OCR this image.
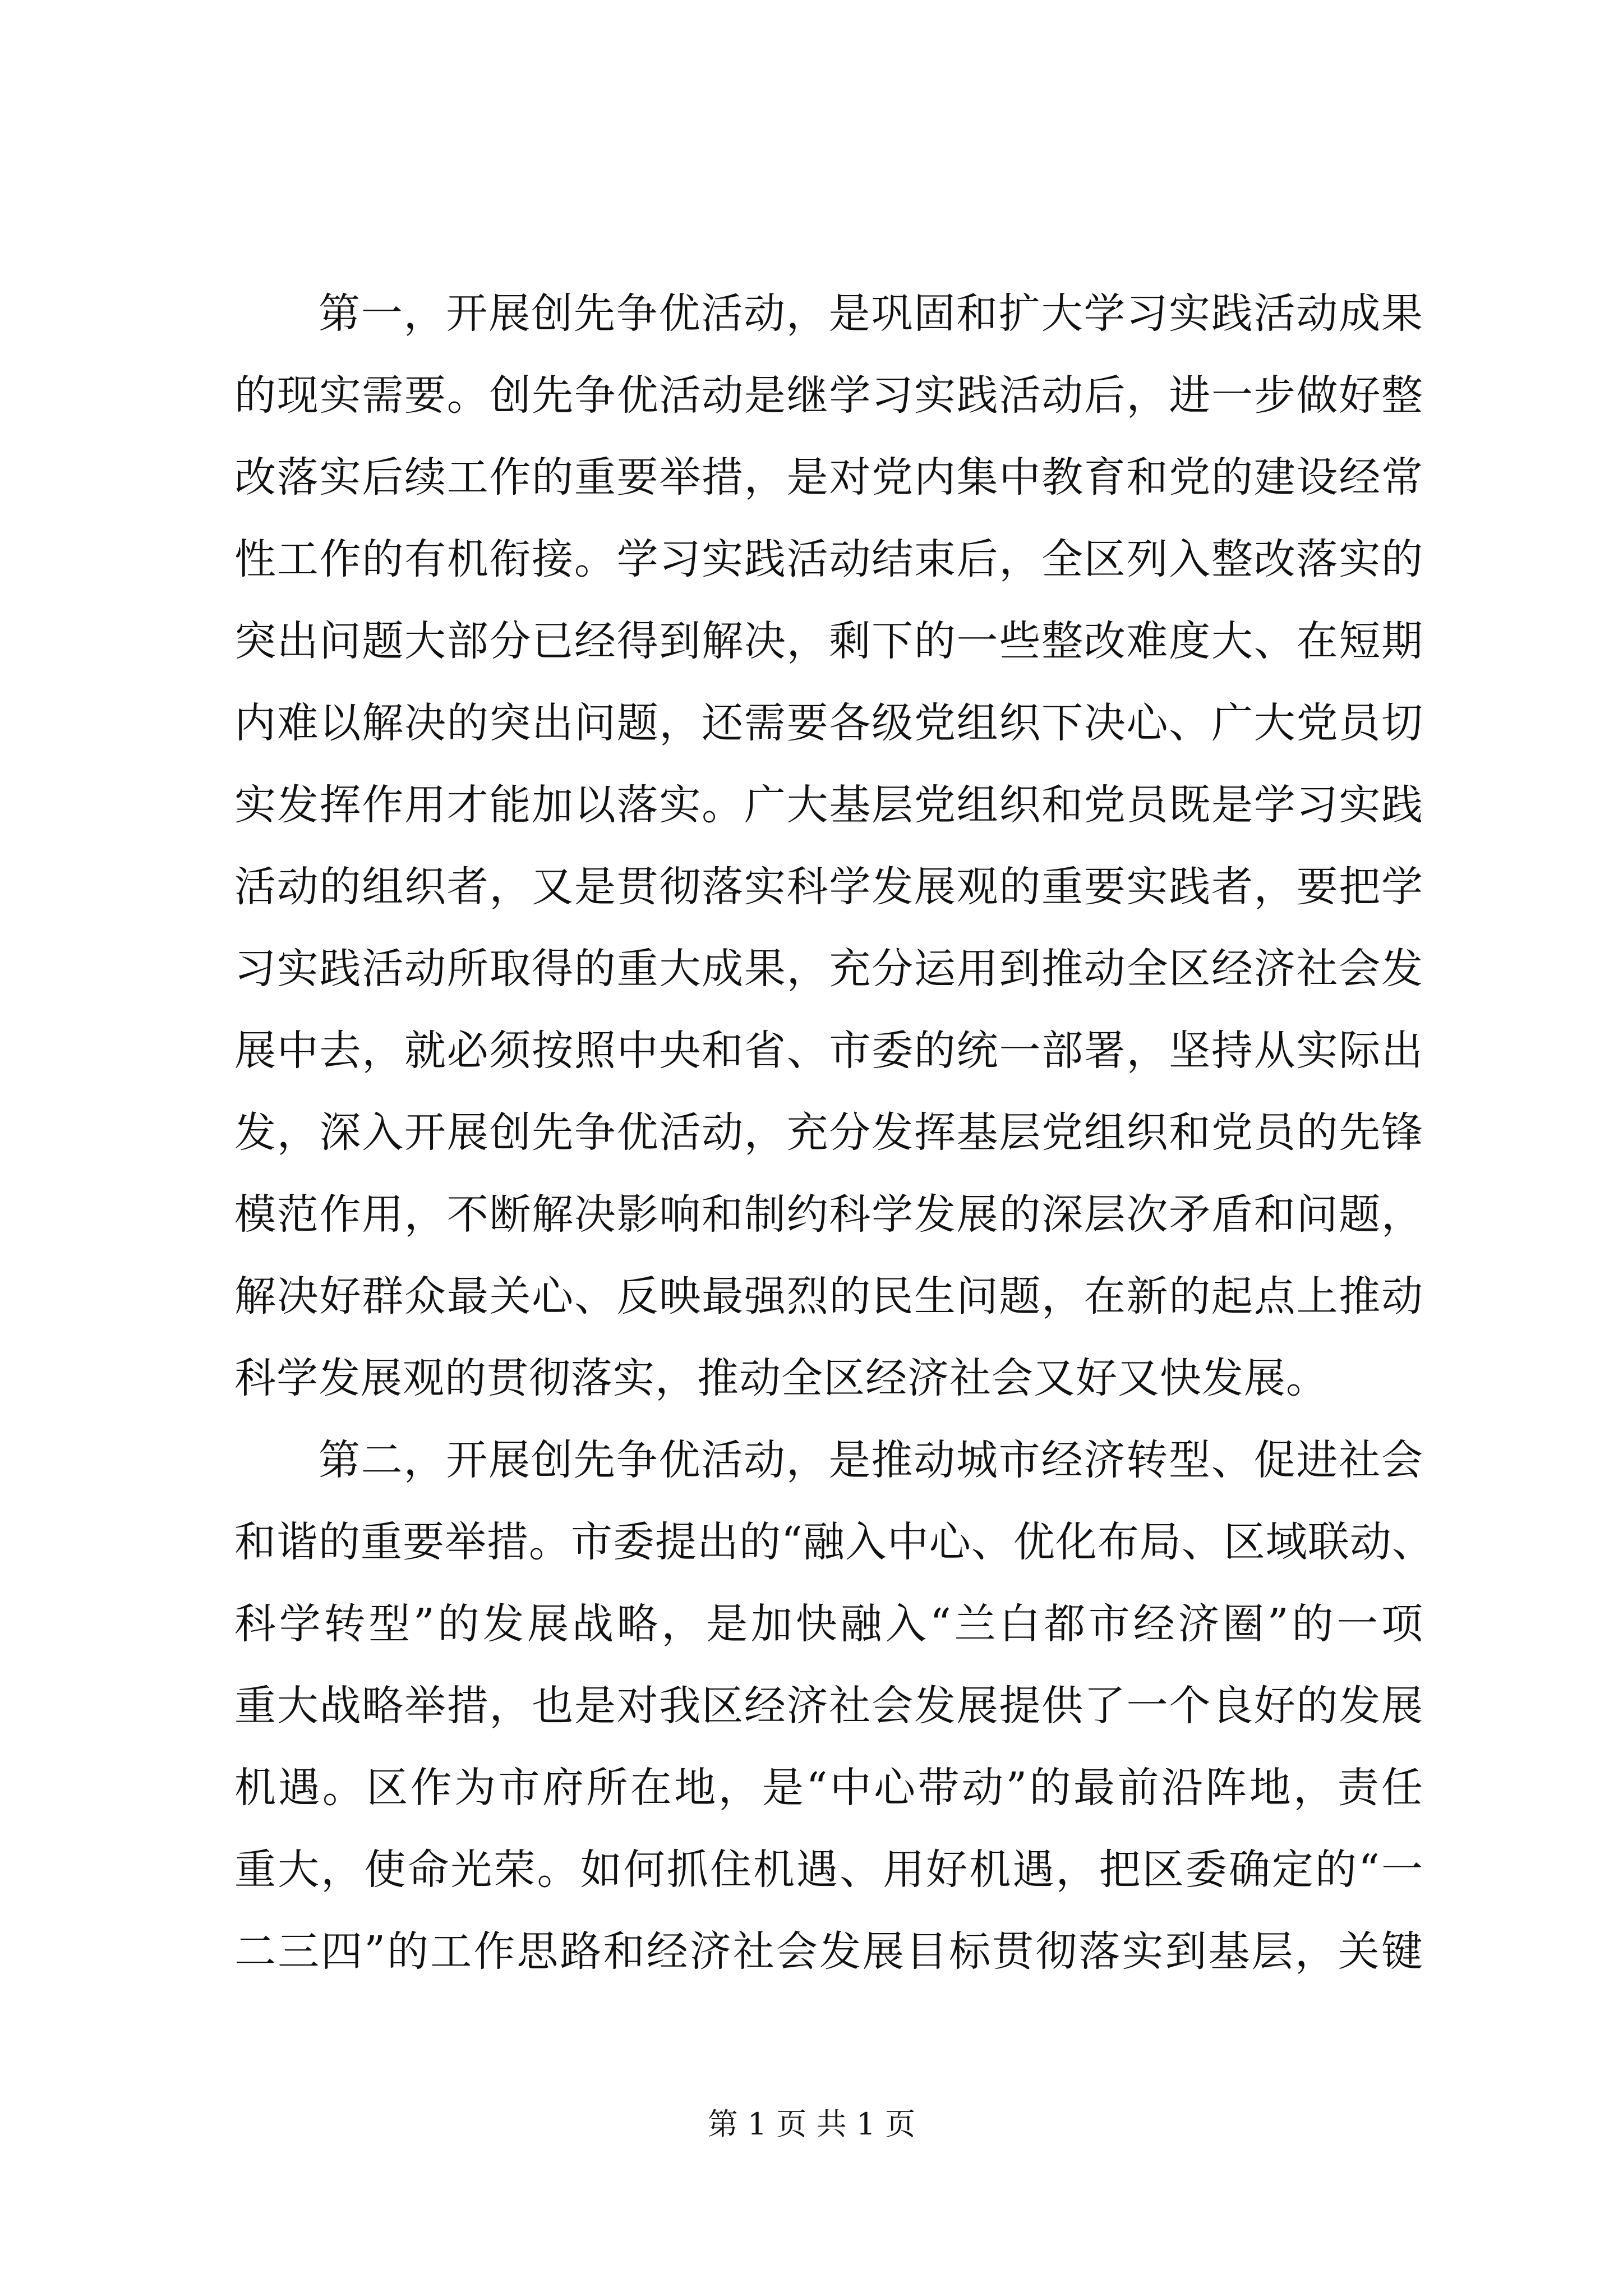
第一，开展创先争优活动，是巩固和扩大学习实践活动成果
的现实需要。创先争优活动是继学习实践活动后，进一步做好整
改落实后续工作的重要举措，是对党内集中教育和党的建设经常
性工作的有机衔接。学习实践活动结束后，全区列入整改落实的
突出问题大部分已经得到解决，剩下的一些整改难度大、在短期
内难以解决的突出问题，还需要各级党组织下决心、广大党员切
实发挥作用才能加以落实。广大基层党组织和党员既是学习实践
活动的组织者，又是贯彻落实科学发展观的重要实践者，要把学
习实践活动所取得的重大成果，充分运用到推动全区经济社会发
展中去，就必须按照中央和省、市委的统一部署，坚持从实际出
发，深入开展创先争优活动，充分发挥基层党组织和党员的先锋
模范作用，不断解决影响和制约科学发展的深层次矛盾和问题，
解决好群众最关心、反映最强烈的民生问题，在新的起点上推动
科学发展观的贯彻落实，推动全区经济社会又好又快发展。
第二，开展创先争优活动，是推动城市经济转型、促进社会
和谐的重要举措。市委提出的“融入中心、优化布局、区域联动、
科学转型”的发展战略，是加快融入“兰白都市经济圈”的一项
重大战略举措，也是对我区经济社会发展提供了一个良好的发展
机遇。区作为市府所在地，是“中心带动”的最前沿阵地，责任
重大，使命光荣。如何抓住机遇、用好机遇，把区委确定的“一
二三四”的工作思路和经济社会发展目标贯彻落实到基层，关键
第 1 页 共 1 页
